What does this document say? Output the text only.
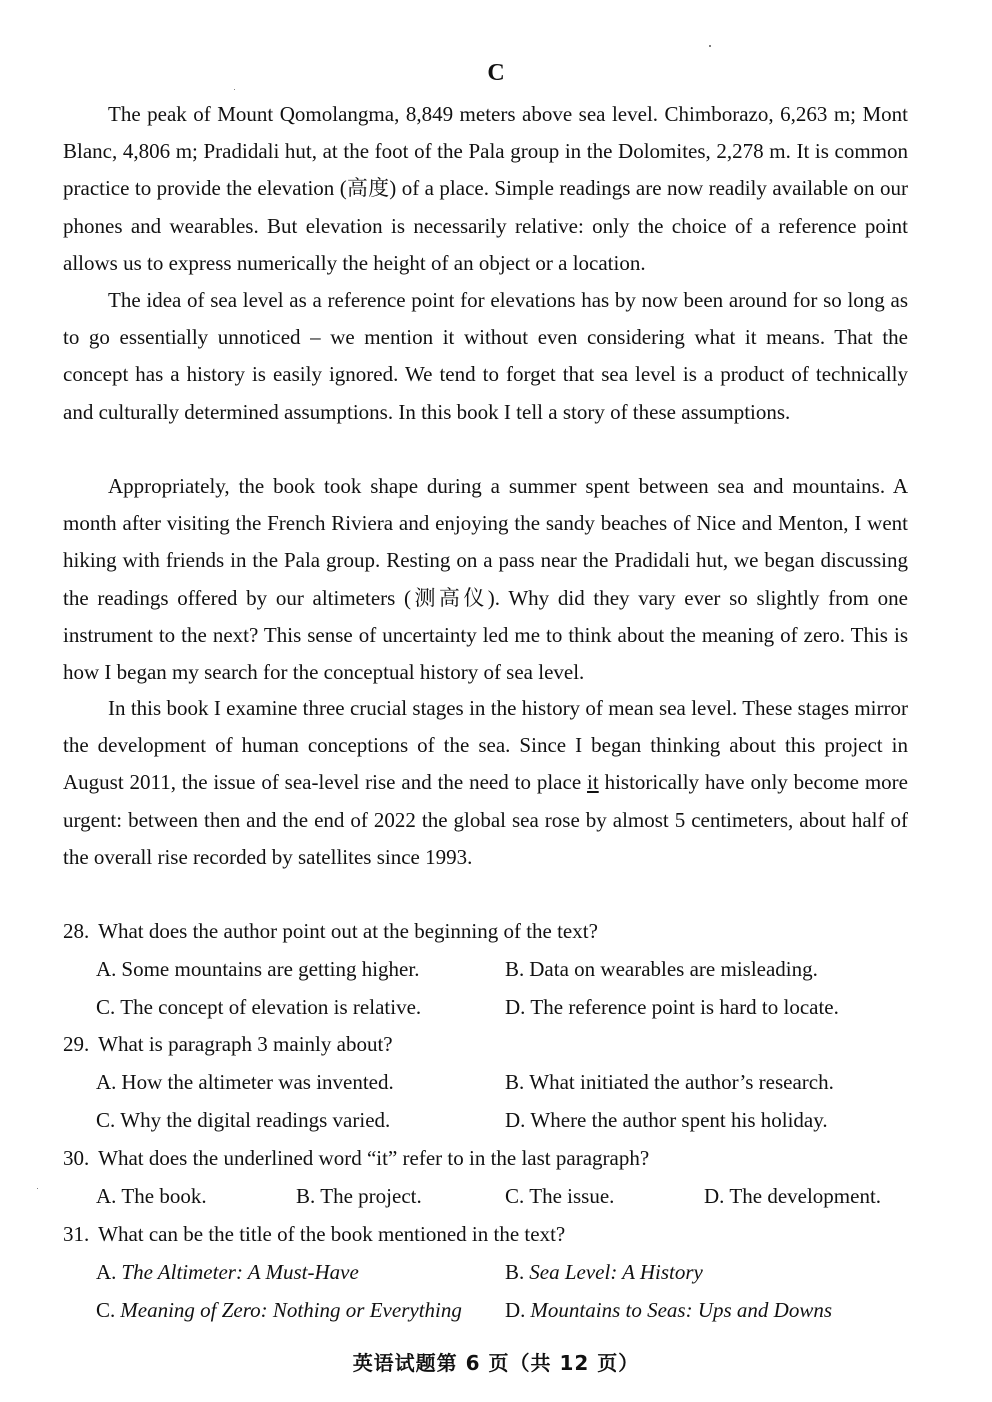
C

The peak of Mount Qomolangma, 8,849 meters above sea level. Chimborazo, 6,263 m; Mont Blanc, 4,806 m; Pradidali hut, at the foot of the Pala group in the Dolomites, 2,278 m. It is common practice to provide the elevation (高度) of a place. Simple readings are now readily available on our phones and wearables. But elevation is necessarily relative: only the choice of a reference point allows us to express numerically the height of an object or a location.

The idea of sea level as a reference point for elevations has by now been around for so long as to go essentially unnoticed – we mention it without even considering what it means. That the concept has a history is easily ignored. We tend to forget that sea level is a product of technically and culturally determined assumptions. In this book I tell a story of these assumptions.

Appropriately, the book took shape during a summer spent between sea and mountains. A month after visiting the French Riviera and enjoying the sandy beaches of Nice and Menton, I went hiking with friends in the Pala group. Resting on a pass near the Pradidali hut, we began discussing the readings offered by our altimeters (测高仪). Why did they vary ever so slightly from one instrument to the next? This sense of uncertainty led me to think about the meaning of zero. This is how I began my search for the conceptual history of sea level.

In this book I examine three crucial stages in the history of mean sea level. These stages mirror the development of human conceptions of the sea. Since I began thinking about this project in August 2011, the issue of sea-level rise and the need to place it historically have only become more urgent: between then and the end of 2022 the global sea rose by almost 5 centimeters, about half of the overall rise recorded by satellites since 1993.

28. What does the author point out at the beginning of the text?
A. Some mountains are getting higher.	B. Data on wearables are misleading.
C. The concept of elevation is relative.	D. The reference point is hard to locate.
29. What is paragraph 3 mainly about?
A. How the altimeter was invented.	B. What initiated the author’s research.
C. Why the digital readings varied.	D. Where the author spent his holiday.
30. What does the underlined word “it” refer to in the last paragraph?
A. The book.	B. The project.	C. The issue.	D. The development.
31. What can be the title of the book mentioned in the text?
A. The Altimeter: A Must-Have	B. Sea Level: A History
C. Meaning of Zero: Nothing or Everything D. Mountains to Seas: Ups and Downs
英语试题第 6 页（共 12 页）
